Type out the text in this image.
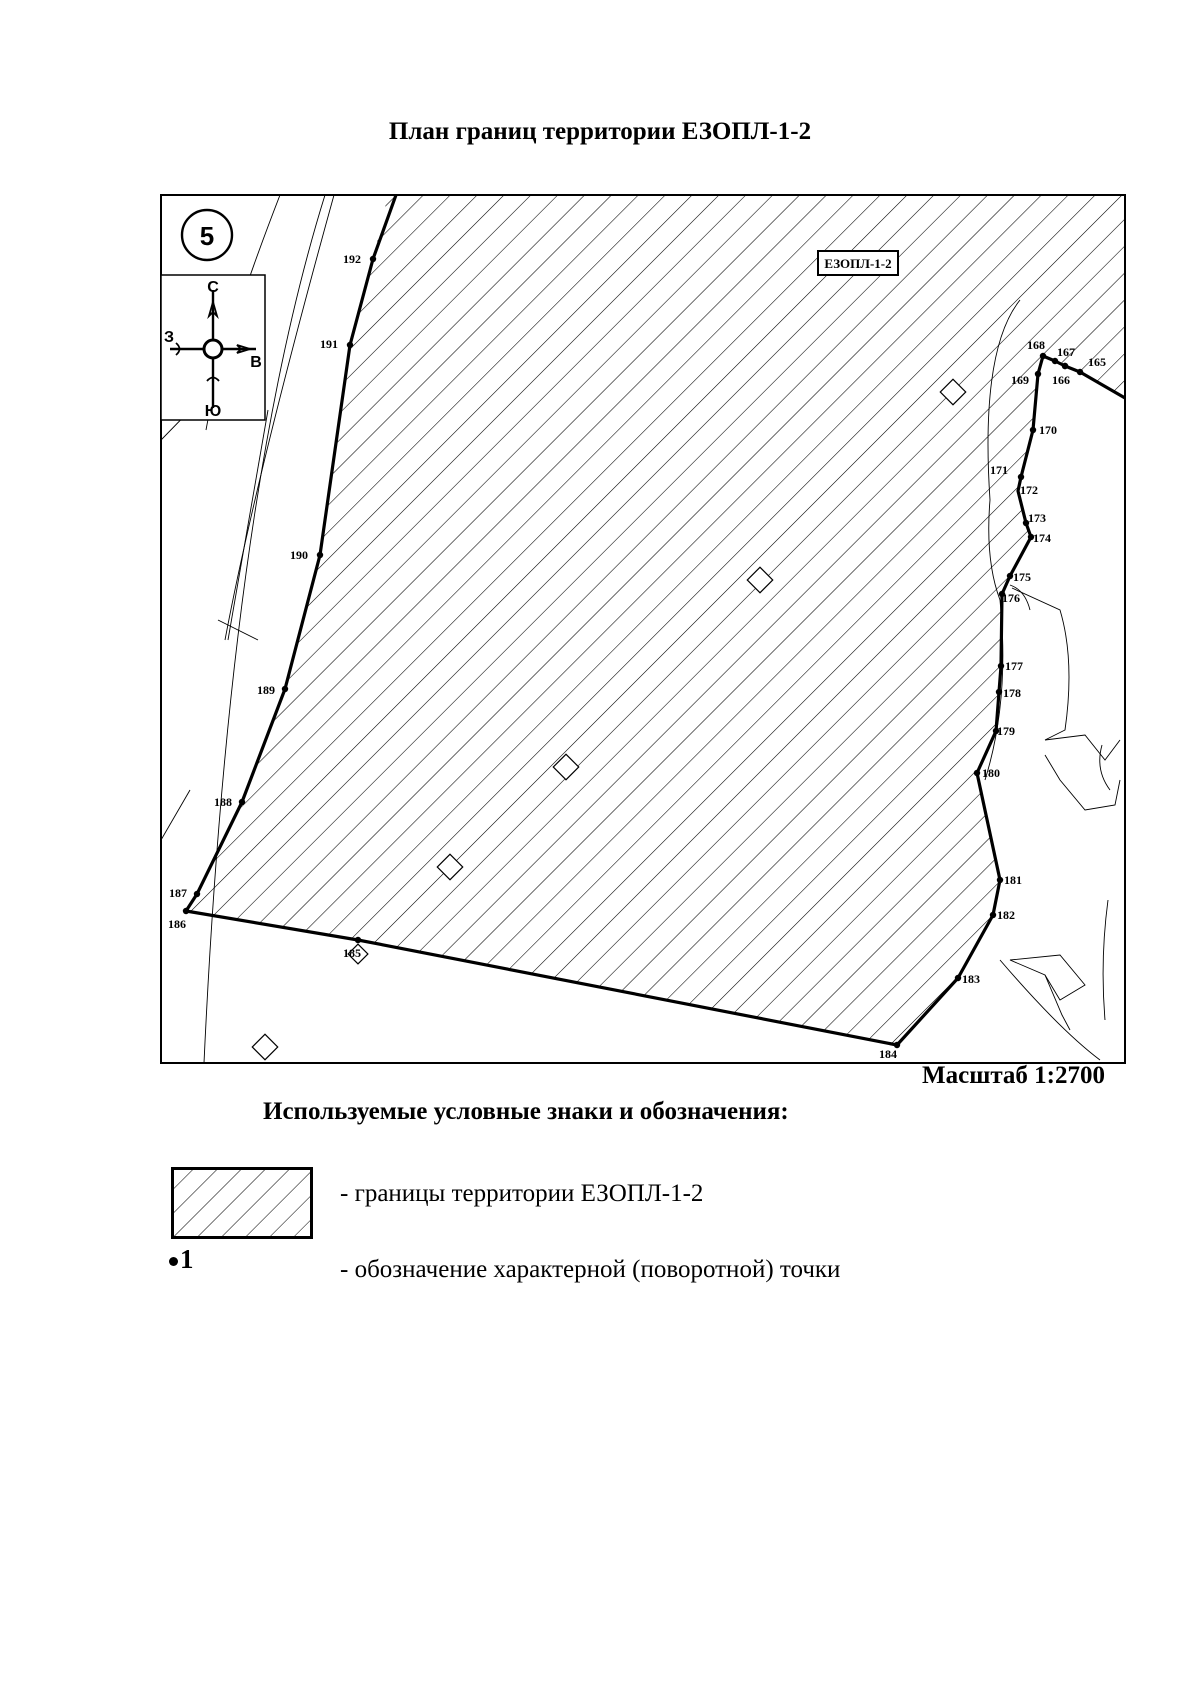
План границ территории ЕЗОПЛ-1-2
5
С
Ю
З
В
ЕЗОПЛ-1-2
165
166
167
168
169
170
171
172
173
174
175
176
177
178
179
180
181
182
183
184
185
186
187
188
189
190
191
192
Масштаб 1:2700
Используемые условные знаки и обозначения:
- границы территории ЕЗОПЛ-1-2
1	- обозначение характерной (поворотной) точки
